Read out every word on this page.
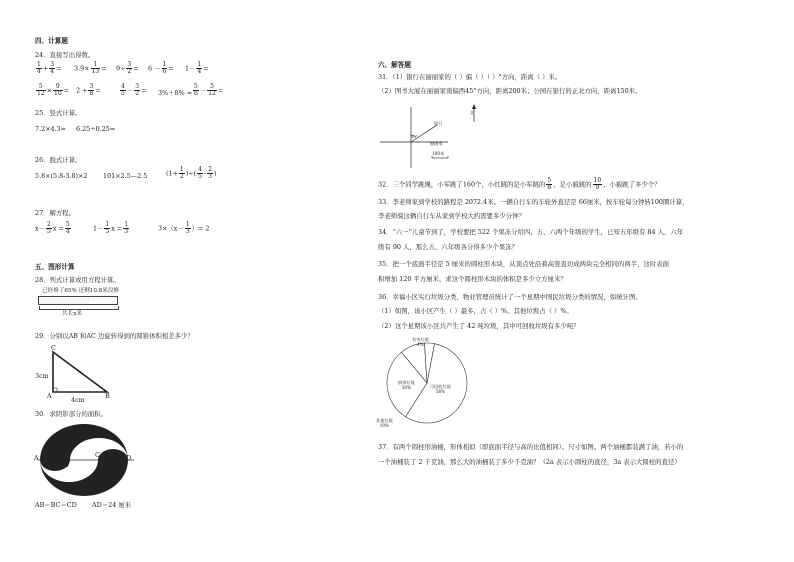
四、计算题
24．直接写出得数。
$\frac{1}{4} + \frac{3}{4} = 3.9\times \frac{1}{13} = 9\div \frac{3}{2} = 6 - \frac{1}{6} = 1- \frac{1}{4}$ =
$\frac{5}{12} \times \frac{9}{10} = 2 + \frac{3}{8}$ =	$\frac{4}{5} - \frac{3}{2} = 3\%+8\% = \frac{5}{6} - \frac{5}{12}$ =
25．竖式计算。
7.2×4.3= 6.25÷0.25=
26．脱式计算。
5.8×(5.8-3.8)×2 101×2.5—2.5	($1+ \frac{1}{2}$ )÷( $\frac{4}{5} - \frac{2}{3}$ )
27．解方程。
$x- \frac{2}{5}$ $x = \frac{5}{4}$	$1- \frac{1}{5}$ $x = \frac{1}{3}$	$3\times(x- \frac{1}{3}$ ）= 2
五、图形计算
28．列式计算或用方程计算。
已经修了65% 还剩10.8米没修
共长x米
29．分别以AB 和AC 边旋转得到的圆锥体积相差多少？
C
3cm
A	B
4cm
30．求阴影部分的面积。
A
B
C	D
AB＝BC＝CD AD＝24 厘米
六、解答题
31．（1）银行在丽丽家的（ ）偏（ ）（ ）°方向，距离（ ）米。
（2）图书大厦在丽丽家南偏西45°方向，距离200米；公园在银行的正北方向，距离150米。
银行
丽丽家
北
100米
30°
32．三个同学跳绳，小军跳了160个，小红跳的是小军跳的 $\frac{5}{8}$ ，是小毅跳的 $\frac{10}{9}$ ，小毅跳了多少个？
33．李老师家到学校的路程是 2072.4米。一辆自行车的车轮外直径是 66厘米，按车轮每分钟转100圈计算，
李老师骑这辆自行车从家到学校大约需要多少分钟？
34．“六一”儿童节到了，学校要把 522 个果冻分给四、五、六两个年级的学生，已知五年级有 84 人，六年
级有 90 人，那么五、六年级各分得多少个果冻？
35．把一个底面半径是 5 厘米的圆柱形木块，从顶点处沿着高竖直切成两块完全相同的两半，这时表面
积增加 120 平方厘米，求这个圆柱形木块的体积是多少立方厘米？
36．幸福小区实行垃圾分类，物业管理员统计了一个星期中国民垃圾分类的情况，如统计图。
（1）如图，该小区产生（ ）最多，占（ ）%。其他垃圾占（ ）%。
（2）这个星期该小区共产生了 42 吨垃圾，其中可回收垃圾有多少吨？
有害垃圾
4%
厨余垃圾
30%	可回收垃圾
56%
其他垃圾
10%
37．有两个圆柱形油桶，形体相似（即底面半径与高的比值相同）。尺寸如图。两个油桶都装满了油，若小的
一个油桶装了 2 千克油，那么大的油桶装了多少千克油？（2a 表示小圆柱的直径，3a 表示大圆柱的直径）
